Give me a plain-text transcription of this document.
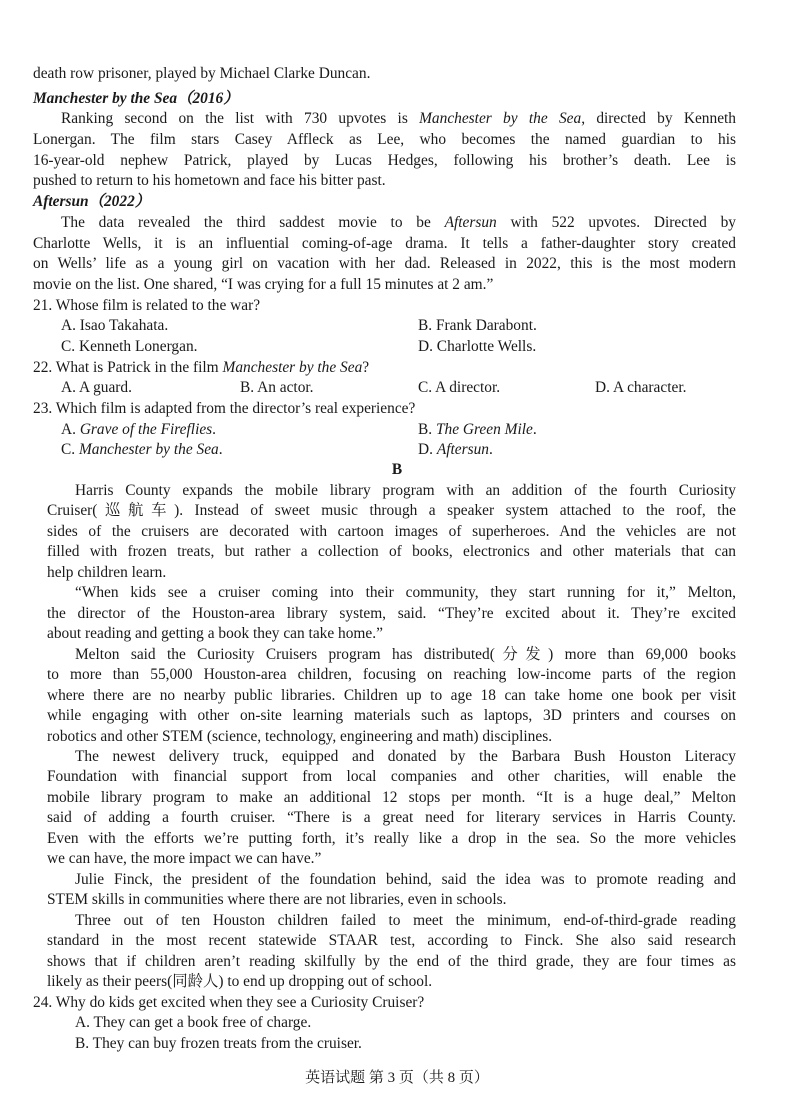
death row prisoner, played by Michael Clarke Duncan.
Manchester by the Sea（2016）
Ranking second on the list with 730 upvotes is Manchester by the Sea, directed by Kenneth
Lonergan. The film stars Casey Affleck as Lee, who becomes the named guardian to his
16-year-old nephew Patrick, played by Lucas Hedges, following his brother’s death. Lee is
pushed to return to his hometown and face his bitter past.
Aftersun（2022）
The data revealed the third saddest movie to be Aftersun with 522 upvotes. Directed by
Charlotte Wells, it is an influential coming-of-age drama. It tells a father-daughter story created
on Wells’ life as a young girl on vacation with her dad. Released in 2022, this is the most modern
movie on the list. One shared, “I was crying for a full 15 minutes at 2 am.”
21. Whose film is related to the war?
A. Isao Takahata.	B. Frank Darabont.
C. Kenneth Lonergan.	D. Charlotte Wells.
22. What is Patrick in the film Manchester by the Sea?
A. A guard.	B. An actor.	C. A director.	D. A character.
23. Which film is adapted from the director’s real experience?
A. Grave of the Fireflies.	B. The Green Mile.
C. Manchester by the Sea.	D. Aftersun.
B
Harris County expands the mobile library program with an addition of the fourth Curiosity
Cruiser(巡航车). Instead of sweet music through a speaker system attached to the roof, the
sides of the cruisers are decorated with cartoon images of superheroes. And the vehicles are not
filled with frozen treats, but rather a collection of books, electronics and other materials that can
help children learn.
“When kids see a cruiser coming into their community, they start running for it,” Melton,
the director of the Houston-area library system, said. “They’re excited about it. They’re excited
about reading and getting a book they can take home.”
Melton said the Curiosity Cruisers program has distributed(分发) more than 69,000 books
to more than 55,000 Houston-area children, focusing on reaching low-income parts of the region
where there are no nearby public libraries. Children up to age 18 can take home one book per visit
while engaging with other on-site learning materials such as laptops, 3D printers and courses on
robotics and other STEM (science, technology, engineering and math) disciplines.
The newest delivery truck, equipped and donated by the Barbara Bush Houston Literacy
Foundation with financial support from local companies and other charities, will enable the
mobile library program to make an additional 12 stops per month. “It is a huge deal,” Melton
said of adding a fourth cruiser. “There is a great need for literary services in Harris County.
Even with the efforts we’re putting forth, it’s really like a drop in the sea. So the more vehicles
we can have, the more impact we can have.”
Julie Finck, the president of the foundation behind, said the idea was to promote reading and
STEM skills in communities where there are not libraries, even in schools.
Three out of ten Houston children failed to meet the minimum, end-of-third-grade reading
standard in the most recent statewide STAAR test, according to Finck. She also said research
shows that if children aren’t reading skilfully by the end of the third grade, they are four times as
likely as their peers(同龄人) to end up dropping out of school.
24. Why do kids get excited when they see a Curiosity Cruiser?
A. They can get a book free of charge.
B. They can buy frozen treats from the cruiser.
英语试题 第 3 页（共 8 页）
